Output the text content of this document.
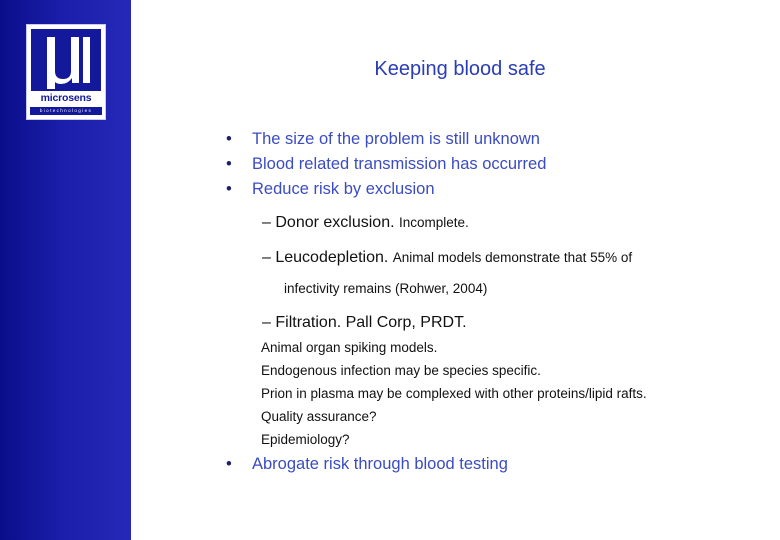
microsens
biotechnologies
Keeping blood safe
• The size of the problem is still unknown
• Blood related transmission has occurred
• Reduce risk by exclusion
– Donor exclusion. Incomplete.
– Leucodepletion. Animal models demonstrate that 55% of
infectivity remains (Rohwer, 2004)
– Filtration. Pall Corp, PRDT.
Animal organ spiking models.
Endogenous infection may be species specific.
Prion in plasma may be complexed with other proteins/lipid rafts.
Quality assurance?
Epidemiology?
• Abrogate risk through blood testing
